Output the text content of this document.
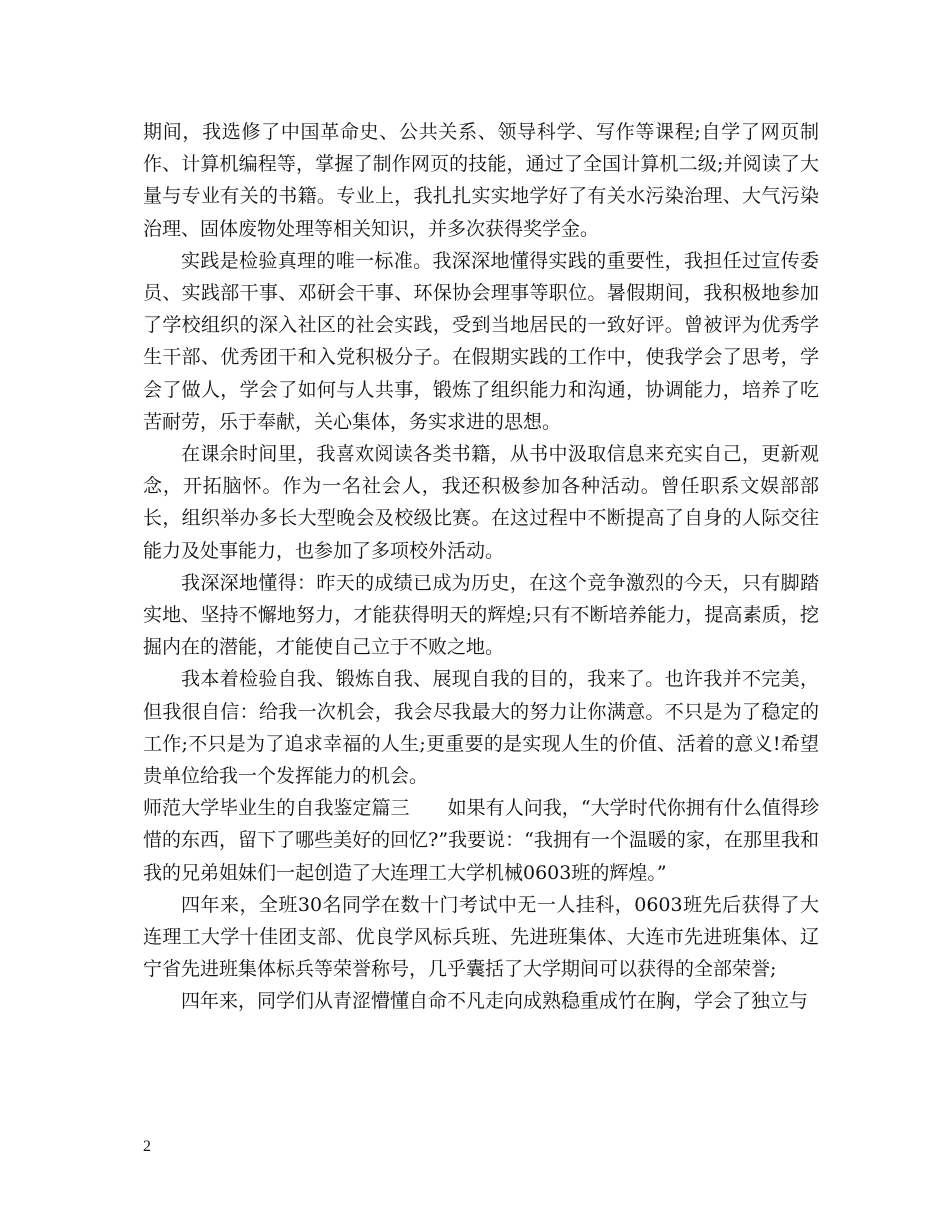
期间，我选修了中国革命史、公共关系、领导科学、写作等课程;自学了网页制作、计算机编程等，掌握了制作网页的技能，通过了全国计算机二级;并阅读了大量与专业有关的书籍。专业上，我扎扎实实地学好了有关水污染治理、大气污染治理、固体废物处理等相关知识，并多次获得奖学金。

实践是检验真理的唯一标准。我深深地懂得实践的重要性，我担任过宣传委员、实践部干事、邓研会干事、环保协会理事等职位。暑假期间，我积极地参加了学校组织的深入社区的社会实践，受到当地居民的一致好评。曾被评为优秀学生干部、优秀团干和入党积极分子。在假期实践的工作中，使我学会了思考，学会了做人，学会了如何与人共事，锻炼了组织能力和沟通，协调能力，培养了吃苦耐劳，乐于奉献，关心集体，务实求进的思想。

在课余时间里，我喜欢阅读各类书籍，从书中汲取信息来充实自己，更新观念，开拓脑怀。作为一名社会人，我还积极参加各种活动。曾任职系文娱部部长，组织举办多长大型晚会及校级比赛。在这过程中不断提高了自身的人际交往能力及处事能力，也参加了多项校外活动。

我深深地懂得：昨天的成绩已成为历史，在这个竞争激烈的今天，只有脚踏实地、坚持不懈地努力，才能获得明天的辉煌;只有不断培养能力，提高素质，挖掘内在的潜能，才能使自己立于不败之地。

我本着检验自我、锻炼自我、展现自我的目的，我来了。也许我并不完美，但我很自信：给我一次机会，我会尽我最大的努力让你满意。不只是为了稳定的工作;不只是为了追求幸福的人生;更重要的是实现人生的价值、活着的意义!希望贵单位给我一个发挥能力的机会。

师范大学毕业生的自我鉴定篇三　　如果有人问我，“大学时代你拥有什么值得珍惜的东西，留下了哪些美好的回忆?”我要说：“我拥有一个温暖的家，在那里我和我的兄弟姐妹们一起创造了大连理工大学机械0603班的辉煌。”

四年来，全班30名同学在数十门考试中无一人挂科，0603班先后获得了大连理工大学十佳团支部、优良学风标兵班、先进班集体、大连市先进班集体、辽宁省先进班集体标兵等荣誉称号，几乎囊括了大学期间可以获得的全部荣誉;

四年来，同学们从青涩懵懂自命不凡走向成熟稳重成竹在胸，学会了独立与

2
